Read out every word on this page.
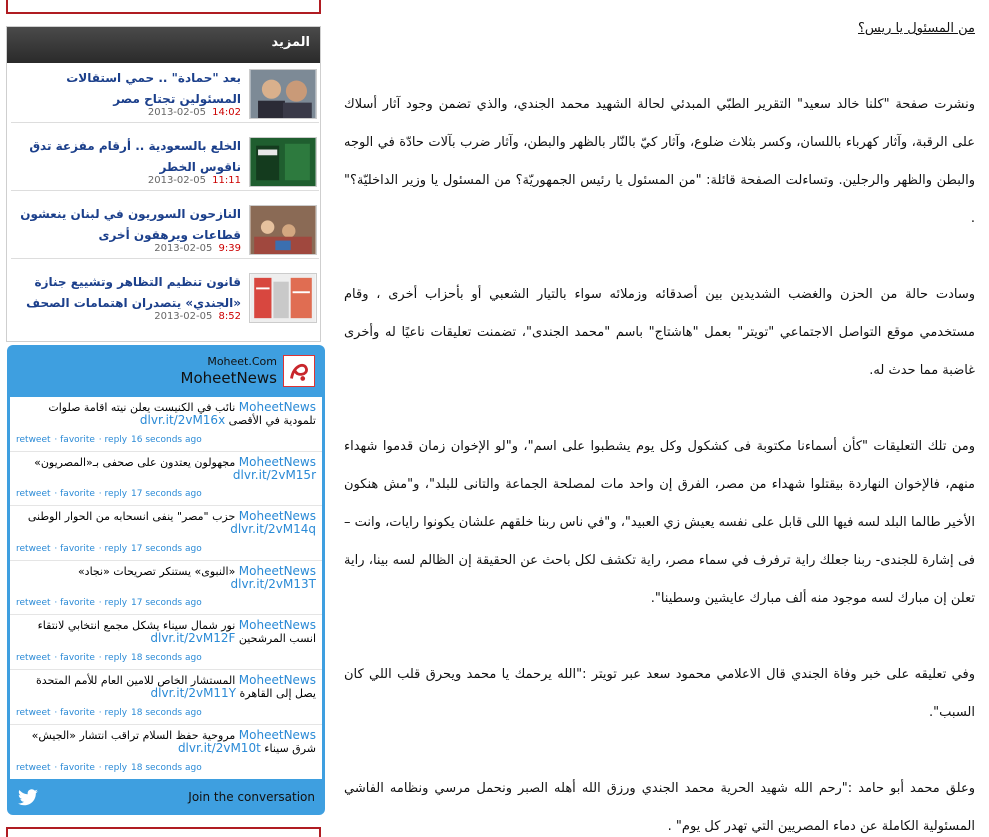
المزيد
بعد "حمادة" .. حمي استقالات المسئولين تجتاح مصر
2013-02-05 14:02
الخلع بالسعودية .. أرقام مفزعة تدق ناقوس الخطر
2013-02-05 11:11
النازحون السوريون في لبنان ينعشون قطاعات ويرهقون أخرى
2013-02-05 9:39
قانون تنظيم التظاهر وتشييع جنازة «الجندي» يتصدران اهتمامات الصحف
2013-02-05 8:52
Moheet.Com
MoheetNews
MoheetNews نائب في الكنيست يعلن نيته اقامة صلوات تلمودية في الأقصى dlvr.it/2vM16x
retweet · favorite · reply 16 seconds ago
MoheetNews مجهولون يعتدون على صحفى بـ«المصريون» dlvr.it/2vM15r
retweet · favorite · reply 17 seconds ago
MoheetNews حزب "مصر" ينفى انسحابه من الحوار الوطنى dlvr.it/2vM14q
retweet · favorite · reply 17 seconds ago
MoheetNews «النبوى» يستنكر تصريحات «نجاد» dlvr.it/2vM13T
retweet · favorite · reply 17 seconds ago
MoheetNews نور شمال سيناء يشكل مجمع انتخابي لانتقاء انسب المرشحين dlvr.it/2vM12F
retweet · favorite · reply 18 seconds ago
MoheetNews المستشار الخاص للامين العام للأمم المتحدة يصل إلى القاهرة dlvr.it/2vM11Y
retweet · favorite · reply 18 seconds ago
MoheetNews مروحية حفظ السلام تراقب انتشار «الجيش» شرق سيناء dlvr.it/2vM10t
retweet · favorite · reply 18 seconds ago
Join the conversation
من المسئول يا ريس؟

ونشرت صفحة "كلنا خالد سعيد" التقرير الطبّي المبدئي لحالة الشهيد محمد الجندي، والذي تضمن وجود آثار أسلاك على الرقبة، وآثار كهرباء باللسان، وكسر بثلاث ضلوع، وآثار كيّ بالنّار بالظهر والبطن، وآثار ضرب بآلات حادّة في الوجه والبطن والظهر والرجلين. وتساءلت الصفحة قائلة: "من المسئول يا رئيس الجمهوريّة؟ من المسئول يا وزير الداخليّة؟" .

وسادت حالة من الحزن والغضب الشديدين بين أصدقائه وزملائه سواء بالتيار الشعبي أو بأحزاب أخرى ، وقام مستخدمي موقع التواصل الاجتماعي "تويتر" بعمل "هاشتاج" باسم "محمد الجندى"، تضمنت تعليقات ناعيًا له وأخرى غاضبة مما حدث له.

ومن تلك التعليقات "كأن أسماءنا مكتوبة فى كشكول وكل يوم يشطبوا على اسم"، و"لو الإخوان زمان قدموا شهداء منهم، فالإخوان النهاردة بيقتلوا شهداء من مصر، الفرق إن واحد مات لمصلحة الجماعة والتانى للبلد"، و"مش هنكون الأخير طالما البلد لسه فيها اللى قابل على نفسه يعيش زي العبيد"، و"في ناس ربنا خلقهم علشان يكونوا رايات، وانت – فى إشارة للجندى- ربنا جعلك راية ترفرف في سماء مصر، راية تكشف لكل باحث عن الحقيقة إن الظالم لسه بينا، راية تعلن إن مبارك لسه موجود منه ألف مبارك عايشين وسطينا".

وفي تعليقه على خبر وفاة الجندي قال الاعلامي محمود سعد عبر تويتر :"الله يرحمك يا محمد ويحرق قلب اللي كان السبب".

وعلق محمد أبو حامد :"رحم الله شهيد الحرية محمد الجندي ورزق الله أهله الصبر ونحمل مرسي ونظامه الفاشي المسئولية الكاملة عن دماء المصريين التي تهدر كل يوم" .
